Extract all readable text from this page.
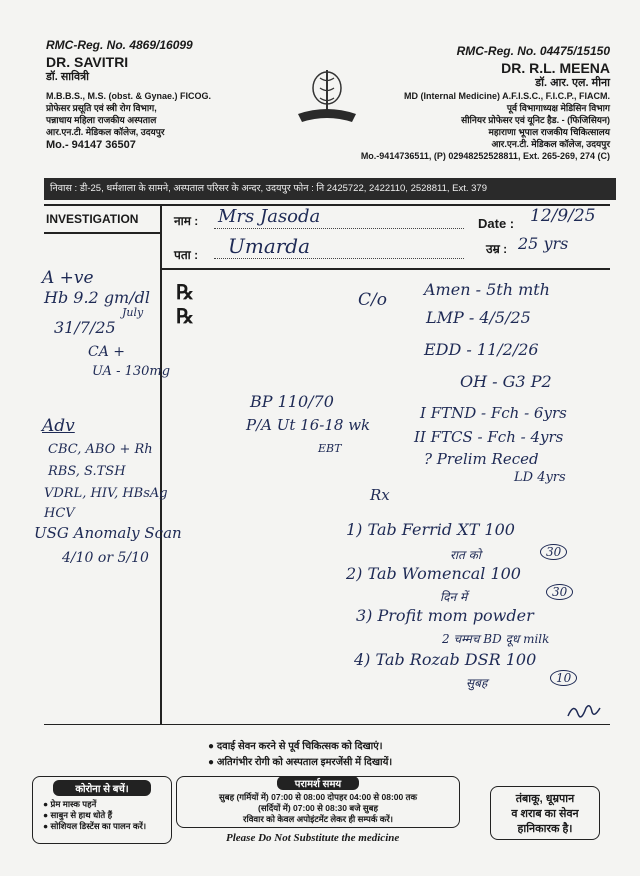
RMC-Reg. No. 4869/16099
DR. SAVITRI
डॉ. सावित्री
M.B.B.S., M.S. (obst. & Gynae.) FICOG.
प्रोफेसर प्रसूति एवं स्त्री रोग विभाग,
पन्नाधाय महिला राजकीय अस्पताल
आर.एन.टी. मेडिकल कॉलेज, उदयपुर
Mo.- 94147 36507
RMC-Reg. No. 04475/15150
DR. R.L. MEENA
डॉ. आर. एल. मीना
MD (Internal Medicine) A.F.I.S.C., F.I.C.P., FIACM.
पूर्व विभागाध्यक्ष मेडिसिन विभाग
सीनियर प्रोफेसर एवं यूनिट हैड. - (फिजिसियन)
महाराणा भूपाल राजकीय चिकित्सालय
आर.एन.टी. मेडिकल कॉलेज, उदयपुर
Mo.-9414736511, (P) 02948252528811, Ext. 265-269, 274 (C)
निवास : डी-25, धर्मशाला के सामने, अस्पताल परिसर के अन्दर, उदयपुर फोन : नि 2425722, 2422110, 2528811, Ext. 379
INVESTIGATION	नाम : Mrs Jasoda
पता : Umarda
Date : 12/9/25
उम्र : 25 yrs
℞
℞
A +ve
Hb 9.2 gm/dl
July
31/7/25
CA +
UA - 130mg
Adv
CBC, ABO + Rh
RBS, S.TSH
VDRL, HIV, HBsAg
HCV
USG Anomaly Scan
4/10 or 5/10
C/o
Amen - 5th mth
LMP - 4/5/25
EDD - 11/2/26
OH - G3 P2
I FTND - Fch - 6yrs
II FTCS - Fch - 4yrs
? Prelim Reced
LD 4yrs
BP 110/70
P/A Ut 16-18 wk
EBT
Rx
1) Tab Ferrid XT 100
रात को	30
2) Tab Womencal 100
दिन में	30
3) Profit mom powder
2 चम्मच BD दूध milk
4) Tab Rozab DSR 100
सुबह	10
● दवाई सेवन करने से पूर्व चिकित्सक को दिखाएं।
● अतिगंभीर रोगी को अस्पताल इमरजेंसी में दिखायें।
कोरोना से बचें।
● प्रेम मास्क पहनें
● साबुन से हाथ धोते हैं
● सोशियल डिस्टेंस का पालन करें।
परामर्श समय
सुबह (गर्मियों में) 07:00 से 08:00 दोपहर 04:00 से 08:00 तक
(सर्दियों में) 07:00 से 08:30 बजे सुबह
रविवार को केवल अपोइंटमेंट लेकर ही सम्पर्क करें।
तंबाकू, धूम्रपान
व शराब का सेवन
हानिकारक है।
Please Do Not Substitute the medicine
